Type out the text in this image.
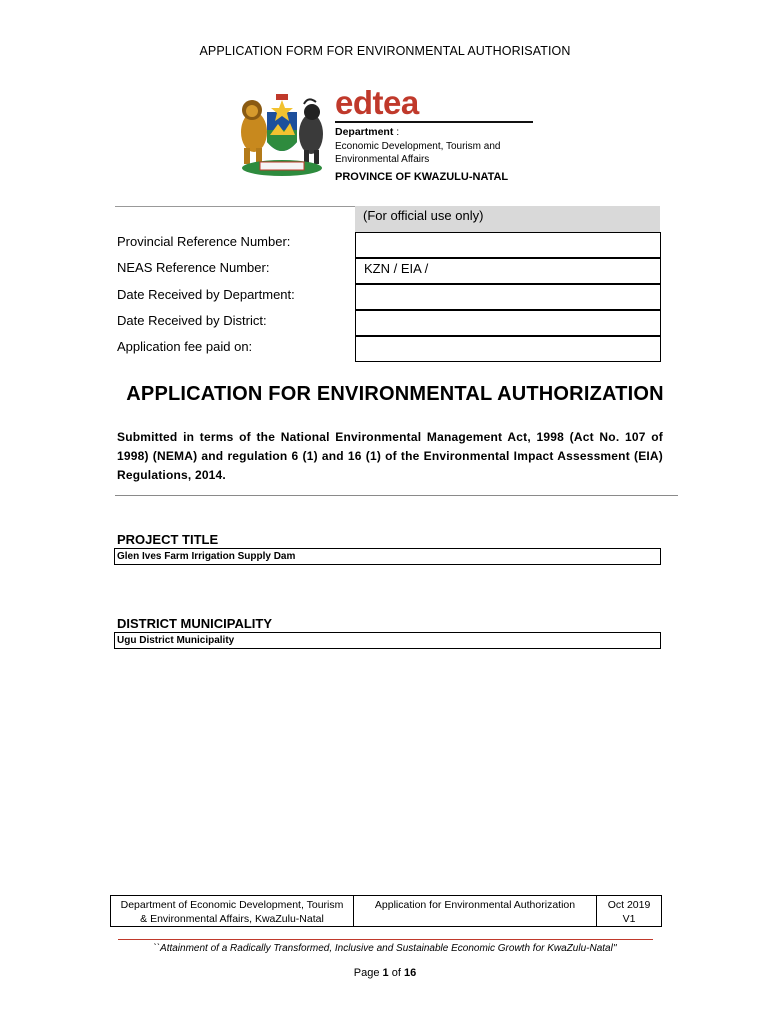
APPLICATION FORM FOR ENVIRONMENTAL AUTHORISATION
edtea
Department :
Economic Development, Tourism and
Environmental Affairs
PROVINCE OF KWAZULU-NATAL
(For official use only)
Provincial Reference Number:
NEAS Reference Number:	KZN / EIA /
Date Received by Department:
Date Received by District:
Application fee paid on:
APPLICATION FOR ENVIRONMENTAL AUTHORIZATION
Submitted in terms of the National Environmental Management Act, 1998 (Act No. 107 of 1998) (NEMA) and regulation 6 (1) and 16 (1) of the Environmental Impact Assessment (EIA) Regulations, 2014.
PROJECT TITLE
Glen Ives Farm Irrigation Supply Dam
DISTRICT MUNICIPALITY
Ugu District Municipality
Department of Economic Development, Tourism
& Environmental Affairs, KwaZulu-Natal
Application for Environmental Authorization	Oct 2019
V1
``Attainment of a Radically Transformed, Inclusive and Sustainable Economic Growth for KwaZulu-Natal''
Page 1 of 16
